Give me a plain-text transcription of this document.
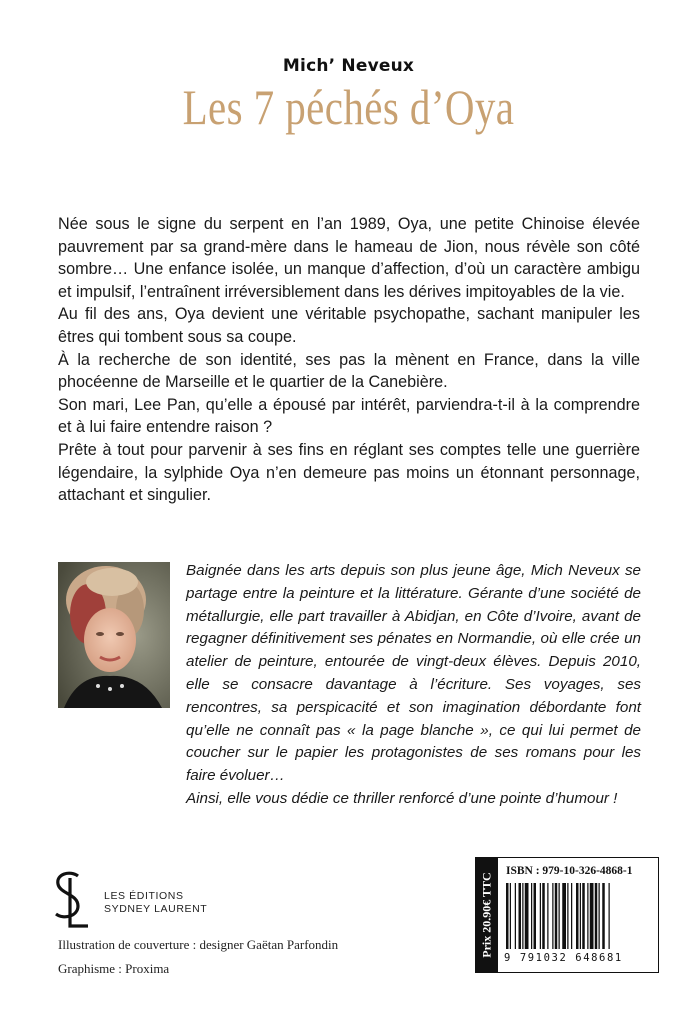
Mich’ Neveux
Les 7 péchés d’Oya

Née sous le signe du serpent en l’an 1989, Oya, une petite Chinoise élevée pauvrement par sa grand-mère dans le hameau de Jion, nous révèle son côté sombre… Une enfance isolée, un manque d’affection, d’où un caractère ambigu et impulsif, l’entraînent irréversiblement dans les dérives impitoyables de la vie.

Au fil des ans, Oya devient une véritable psychopathe, sachant manipuler les êtres qui tombent sous sa coupe.

À la recherche de son identité, ses pas la mènent en France, dans la ville phocéenne de Marseille et le quartier de la Canebière.

Son mari, Lee Pan, qu’elle a épousé par intérêt, parviendra-t-il à la comprendre et à lui faire entendre raison ?

Prête à tout pour parvenir à ses fins en réglant ses comptes telle une guerrière légendaire, la sylphide Oya n’en demeure pas moins un étonnant personnage, attachant et singulier.

Baignée dans les arts depuis son plus jeune âge, Mich Neveux se partage entre la peinture et la littérature. Gérante d’une société de métallurgie, elle part travailler à Abidjan, en Côte d’Ivoire, avant de regagner définitivement ses pénates en Normandie, où elle crée un atelier de peinture, entourée de vingt-deux élèves. Depuis 2010, elle se consacre davantage à l’écriture. Ses voyages, ses rencontres, sa perspicacité et son imagination débordante font qu’elle ne connaît pas « la page blanche », ce qui lui permet de coucher sur le papier les protagonistes de ses romans pour les faire évoluer…

Ainsi, elle vous dédie ce thriller renforcé d’une pointe d’humour !

LES ÉDITIONS
SYDNEY LAURENT
Illustration de couverture : designer Gaëtan Parfondin
Graphisme : Proxima
Prix 20.90€ TTC
ISBN : 979-10-326-4868-1
9 791032 648681
